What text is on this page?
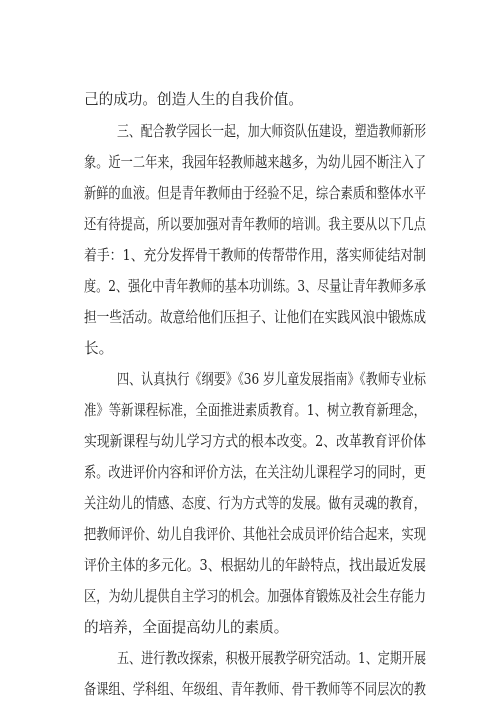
己的成功。创造人生的自我价值。
三、配合教学园长一起，加大师资队伍建设，塑造教师新形
象。近一二年来，我园年轻教师越来越多，为幼儿园不断注入了
新鲜的血液。但是青年教师由于经验不足，综合素质和整体水平
还有待提高，所以要加强对青年教师的培训。我主要从以下几点
着手：1、充分发挥骨干教师的传帮带作用，落实师徒结对制
度。2、强化中青年教师的基本功训练。3、尽量让青年教师多承
担一些活动。故意给他们压担子、让他们在实践风浪中锻炼成
长。
四、认真执行《纲要》《36 岁儿童发展指南》《教师专业标
准》等新课程标准，全面推进素质教育。1、树立教育新理念，
实现新课程与幼儿学习方式的根本改变。2、改革教育评价体
系。改进评价内容和评价方法，在关注幼儿课程学习的同时，更
关注幼儿的情感、态度、行为方式等的发展。做有灵魂的教育，
把教师评价、幼儿自我评价、其他社会成员评价结合起来，实现
评价主体的多元化。3、根据幼儿的年龄特点，找出最近发展
区，为幼儿提供自主学习的机会。加强体育锻炼及社会生存能力
的培养，全面提高幼儿的素质。
五、进行教改探索，积极开展教学研究活动。1、定期开展
备课组、学科组、年级组、青年教师、骨干教师等不同层次的教
